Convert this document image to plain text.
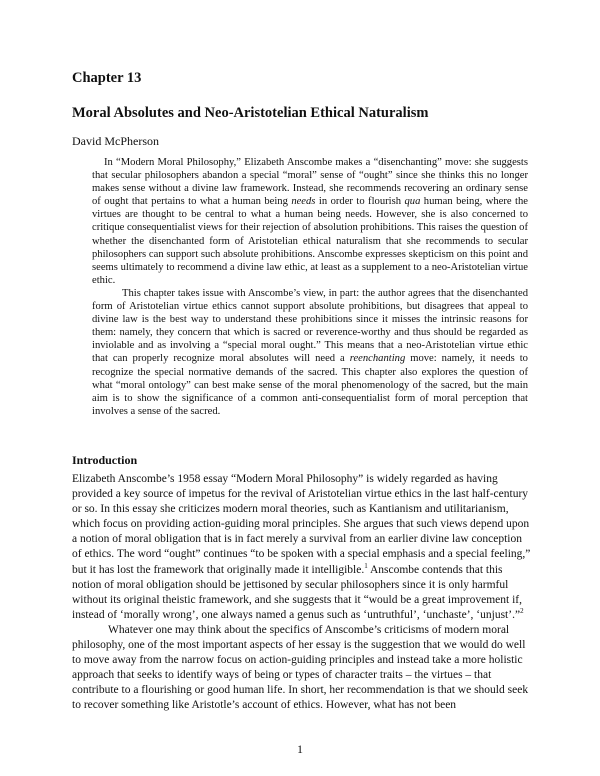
Chapter 13
Moral Absolutes and Neo-Aristotelian Ethical Naturalism
David McPherson

In “Modern Moral Philosophy,” Elizabeth Anscombe makes a “disenchanting” move: she suggests that secular philosophers abandon a special “moral” sense of “ought” since she thinks this no longer makes sense without a divine law framework. Instead, she recommends recovering an ordinary sense of ought that pertains to what a human being needs in order to flourish qua human being, where the virtues are thought to be central to what a human being needs. However, she is also concerned to critique consequentialist views for their rejection of absolution prohibitions. This raises the question of whether the disenchanted form of Aristotelian ethical naturalism that she recommends to secular philosophers can support such absolute prohibitions. Anscombe expresses skepticism on this point and seems ultimately to recommend a divine law ethic, at least as a supplement to a neo-Aristotelian virtue ethic.

This chapter takes issue with Anscombe’s view, in part: the author agrees that the disenchanted form of Aristotelian virtue ethics cannot support absolute prohibitions, but disagrees that appeal to divine law is the best way to understand these prohibitions since it misses the intrinsic reasons for them: namely, they concern that which is sacred or reverence-worthy and thus should be regarded as inviolable and as involving a “special moral ought.” This means that a neo-Aristotelian virtue ethic that can properly recognize moral absolutes will need a reenchanting move: namely, it needs to recognize the special normative demands of the sacred. This chapter also explores the question of what “moral ontology” can best make sense of the moral phenomenology of the sacred, but the main aim is to show the significance of a common anti-consequentialist form of moral perception that involves a sense of the sacred.

Introduction

Elizabeth Anscombe’s 1958 essay “Modern Moral Philosophy” is widely regarded as having provided a key source of impetus for the revival of Aristotelian virtue ethics in the last half-century or so. In this essay she criticizes modern moral theories, such as Kantianism and utilitarianism, which focus on providing action-guiding moral principles. She argues that such views depend upon a notion of moral obligation that is in fact merely a survival from an earlier divine law conception of ethics. The word “ought” continues “to be spoken with a special emphasis and a special feeling,” but it has lost the framework that originally made it intelligible.$^1$ Anscombe contends that this notion of moral obligation should be jettisoned by secular philosophers since it is only harmful without its original theistic framework, and she suggests that it “would be a great improvement if, instead of ‘morally wrong’, one always named a genus such as ‘untruthful’, ‘unchaste’, ‘unjust’.”$^2$

Whatever one may think about the specifics of Anscombe’s criticisms of modern moral philosophy, one of the most important aspects of her essay is the suggestion that we would do well to move away from the narrow focus on action-guiding principles and instead take a more holistic approach that seeks to identify ways of being or types of character traits – the virtues – that contribute to a flourishing or good human life. In short, her recommendation is that we should seek to recover something like Aristotle’s account of ethics. However, what has not been

1
